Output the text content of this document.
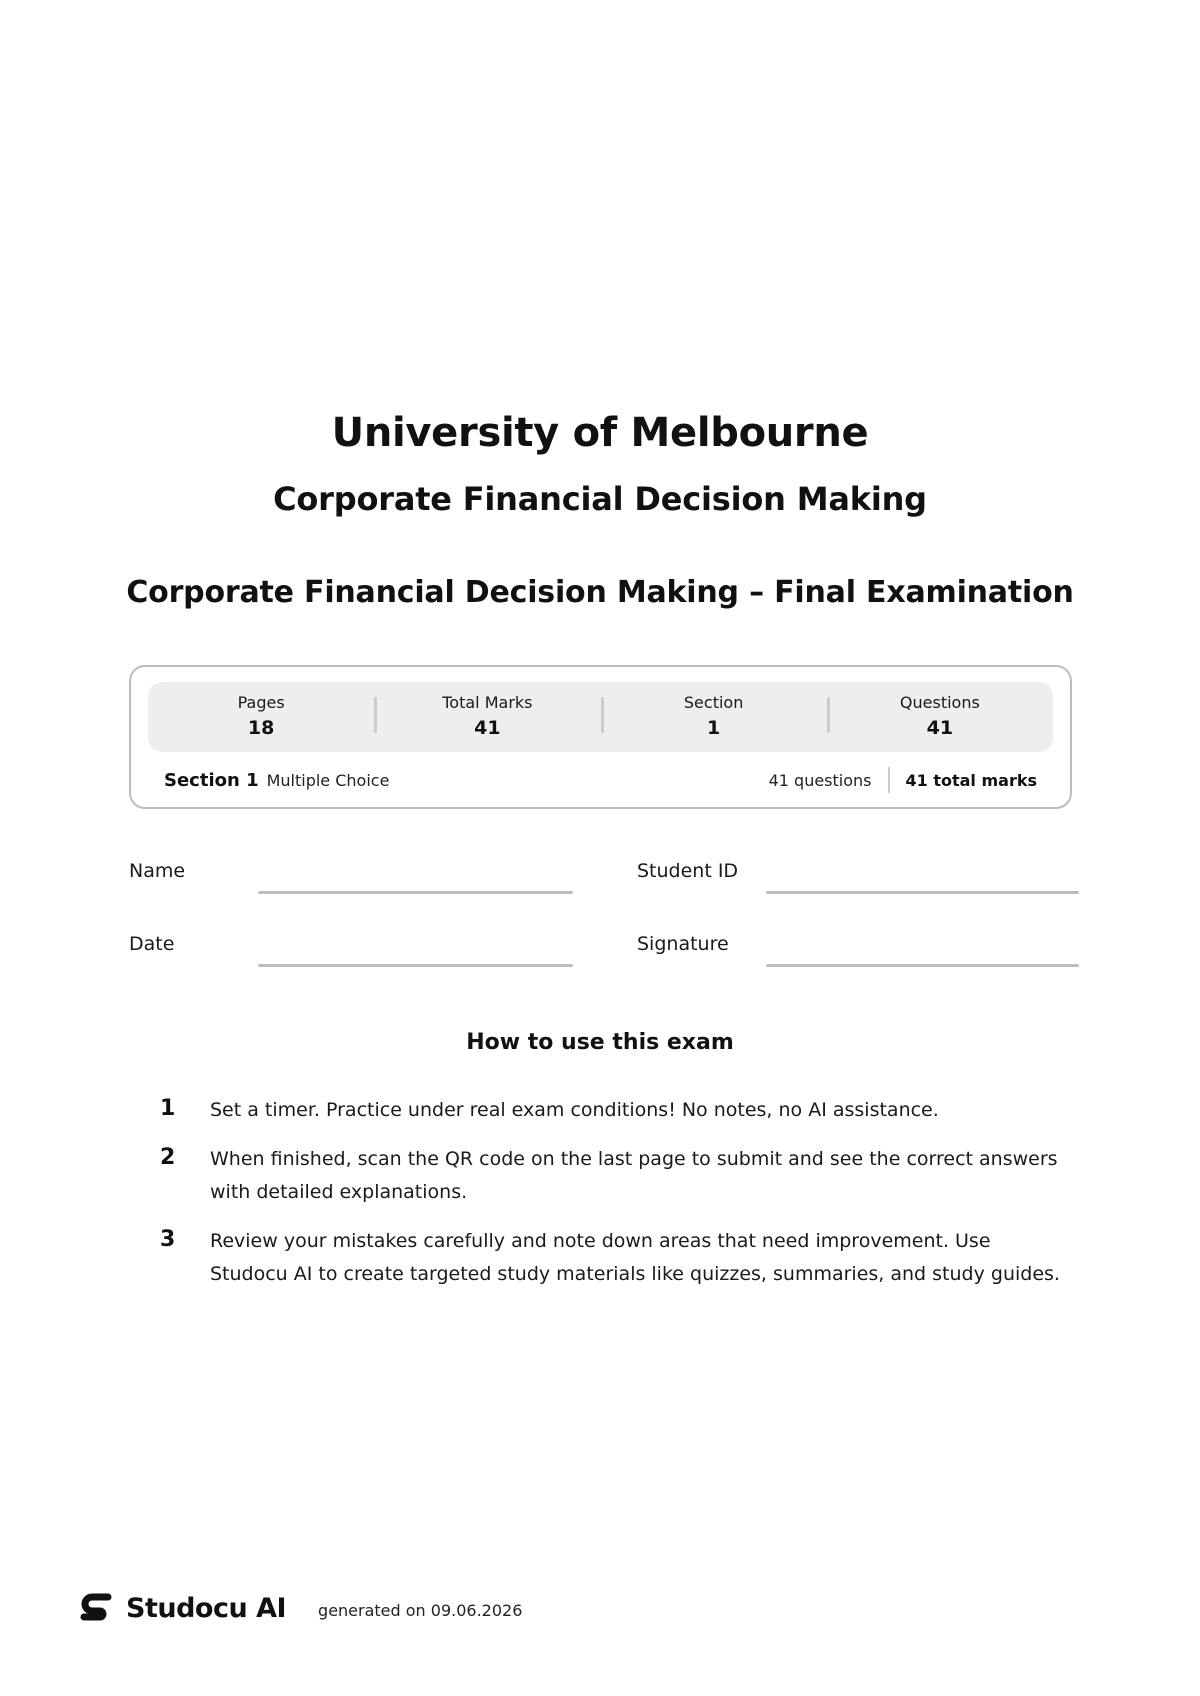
University of Melbourne
Corporate Financial Decision Making
Corporate Financial Decision Making – Final Examination
Pages
18
Total Marks
41
Section
1
Questions
41
Section 1 Multiple Choice	41 questions	41 total marks
Name	Student ID
Date	Signature
How to use this exam
1	Set a timer. Practice under real exam conditions! No notes, no AI assistance.
2	When finished, scan the QR code on the last page to submit and see the correct answers with detailed explanations.
3	Review your mistakes carefully and note down areas that need improvement. Use Studocu AI to create targeted study materials like quizzes, summaries, and study guides.
Studocu AI generated on 09.06.2026
